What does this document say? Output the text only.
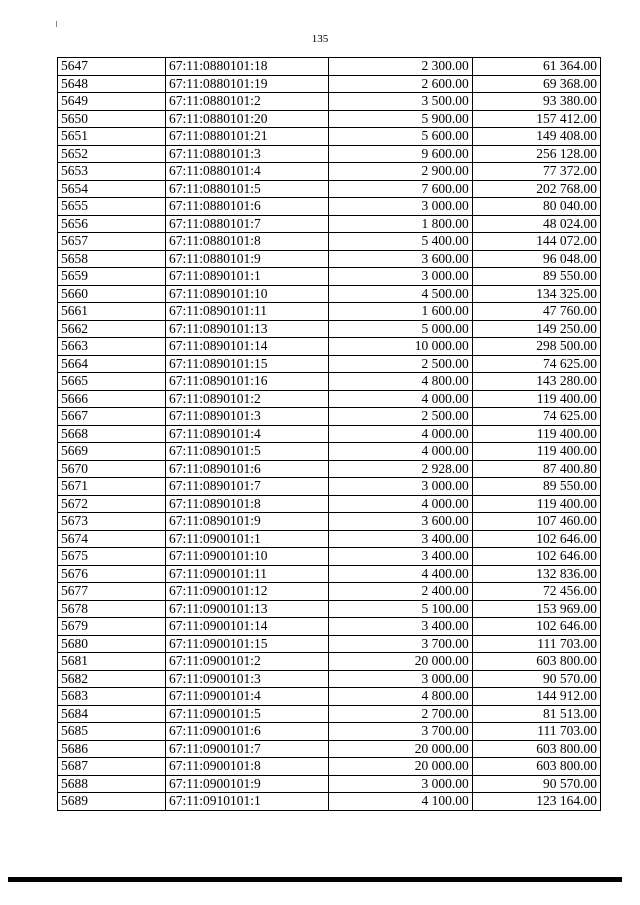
135
5647	67:11:0880101:18	2 300.00	61 364.00
5648	67:11:0880101:19	2 600.00	69 368.00
5649	67:11:0880101:2	3 500.00	93 380.00
5650	67:11:0880101:20	5 900.00	157 412.00
5651	67:11:0880101:21	5 600.00	149 408.00
5652	67:11:0880101:3	9 600.00	256 128.00
5653	67:11:0880101:4	2 900.00	77 372.00
5654	67:11:0880101:5	7 600.00	202 768.00
5655	67:11:0880101:6	3 000.00	80 040.00
5656	67:11:0880101:7	1 800.00	48 024.00
5657	67:11:0880101:8	5 400.00	144 072.00
5658	67:11:0880101:9	3 600.00	96 048.00
5659	67:11:0890101:1	3 000.00	89 550.00
5660	67:11:0890101:10	4 500.00	134 325.00
5661	67:11:0890101:11	1 600.00	47 760.00
5662	67:11:0890101:13	5 000.00	149 250.00
5663	67:11:0890101:14	10 000.00	298 500.00
5664	67:11:0890101:15	2 500.00	74 625.00
5665	67:11:0890101:16	4 800.00	143 280.00
5666	67:11:0890101:2	4 000.00	119 400.00
5667	67:11:0890101:3	2 500.00	74 625.00
5668	67:11:0890101:4	4 000.00	119 400.00
5669	67:11:0890101:5	4 000.00	119 400.00
5670	67:11:0890101:6	2 928.00	87 400.80
5671	67:11:0890101:7	3 000.00	89 550.00
5672	67:11:0890101:8	4 000.00	119 400.00
5673	67:11:0890101:9	3 600.00	107 460.00
5674	67:11:0900101:1	3 400.00	102 646.00
5675	67:11:0900101:10	3 400.00	102 646.00
5676	67:11:0900101:11	4 400.00	132 836.00
5677	67:11:0900101:12	2 400.00	72 456.00
5678	67:11:0900101:13	5 100.00	153 969.00
5679	67:11:0900101:14	3 400.00	102 646.00
5680	67:11:0900101:15	3 700.00	111 703.00
5681	67:11:0900101:2	20 000.00	603 800.00
5682	67:11:0900101:3	3 000.00	90 570.00
5683	67:11:0900101:4	4 800.00	144 912.00
5684	67:11:0900101:5	2 700.00	81 513.00
5685	67:11:0900101:6	3 700.00	111 703.00
5686	67:11:0900101:7	20 000.00	603 800.00
5687	67:11:0900101:8	20 000.00	603 800.00
5688	67:11:0900101:9	3 000.00	90 570.00
5689	67:11:0910101:1	4 100.00	123 164.00
